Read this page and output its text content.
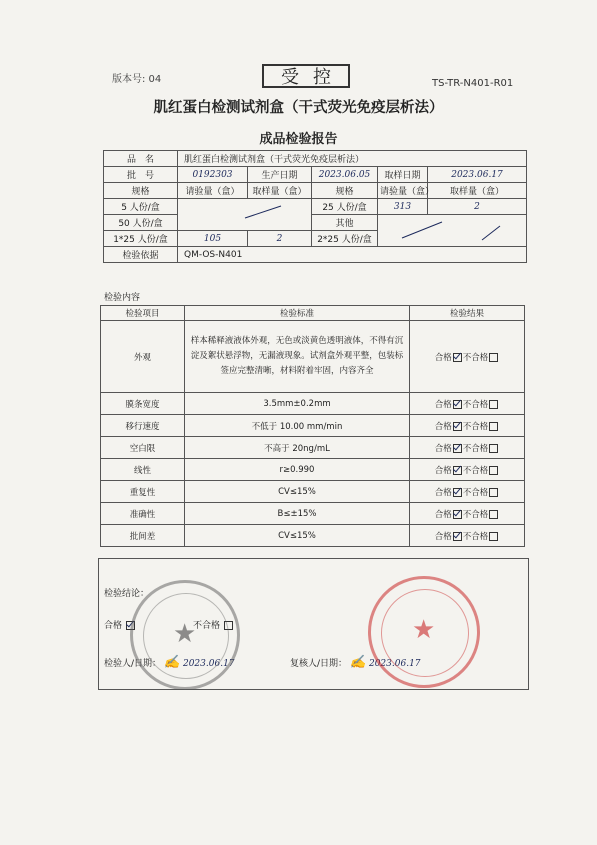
版本号: 04	受控	TS-TR-N401-R01
肌红蛋白检测试剂盒（干式荧光免疫层析法）
成品检验报告
品　名	肌红蛋白检测试剂盒（干式荧光免疫层析法）				
批　号	0192303	生产日期	2023.06.05	取样日期	2023.06.17
规格	请验量（盒）	取样量（盒）	规格	请验量（盒）	取样量（盒）
5 人份/盒			25 人份/盒	313	2
50 人份/盒			其他	
1*25 人份/盒	105	2	2*25 人份/盒		
检验依据	QM-OS-N401				
检验内容
检验项目	检验标准	检验结果
外观	样本稀释液液体外观，无色或淡黄色透明液体，不得有沉淀及絮状悬浮物，无漏液现象。试剂盒外观平整，包装标签应完整清晰，材料附着牢固，内容齐全	合格 不合格
膜条宽度	3.5mm±0.2mm	合格 不合格
移行速度	不低于 10.00 mm/min	合格 不合格
空白限	不高于 20ng/mL	合格 不合格
线性	r≥0.990	合格 不合格
重复性	CV≤15%	合格 不合格
准确性	B≤±15%	合格 不合格
批间差	CV≤15%	合格 不合格
检验结论：
合格	不合格
检验人/日期： ✍ 2023.06.17	复核人/日期： ✍ 2023.06.17
★	★
